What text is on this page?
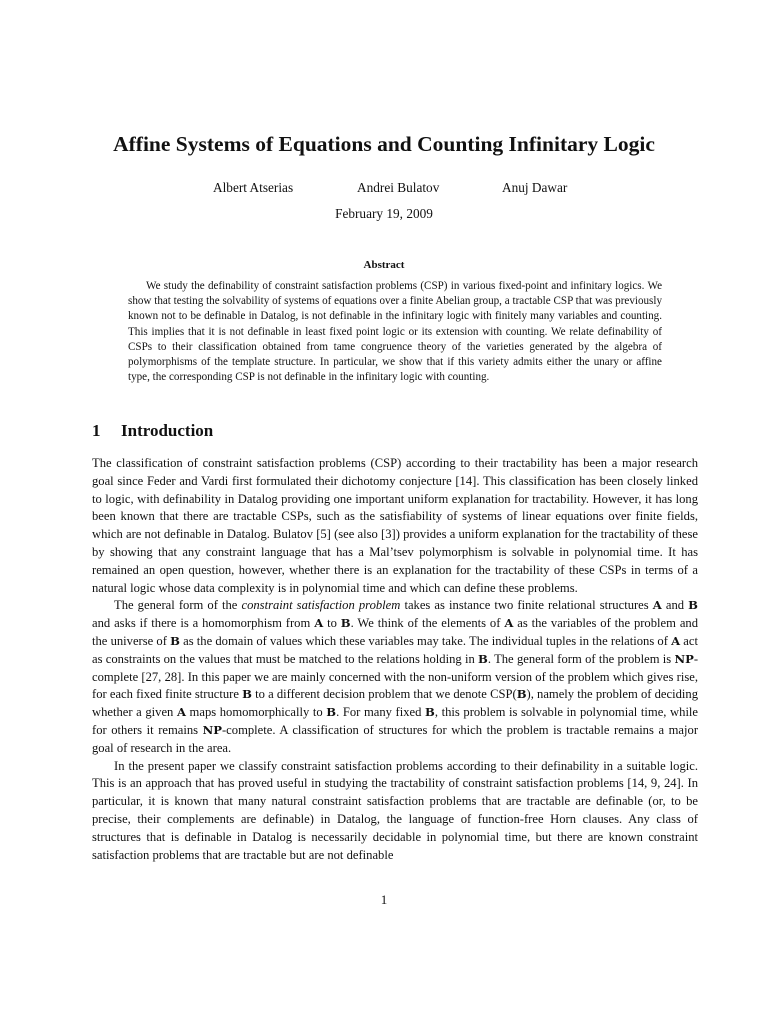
Affine Systems of Equations and Counting Infinitary Logic
Albert Atserias	Andrei Bulatov	Anuj Dawar
February 19, 2009
Abstract

We study the definability of constraint satisfaction problems (CSP) in various fixed-point and infinitary logics. We show that testing the solvability of systems of equations over a finite Abelian group, a tractable CSP that was previously known not to be definable in Datalog, is not definable in the infinitary logic with finitely many variables and counting. This implies that it is not definable in least fixed point logic or its extension with counting. We relate definability of CSPs to their classification obtained from tame congruence theory of the varieties generated by the algebra of polymorphisms of the template structure. In particular, we show that if this variety admits either the unary or affine type, the corresponding CSP is not definable in the infinitary logic with counting.

1 Introduction

The classification of constraint satisfaction problems (CSP) according to their tractability has been a major research goal since Feder and Vardi first formulated their dichotomy conjecture [14]. This classification has been closely linked to logic, with definability in Datalog providing one important uniform explanation for tractability. However, it has long been known that there are tractable CSPs, such as the satisfiability of systems of linear equations over finite fields, which are not definable in Datalog. Bulatov [5] (see also [3]) provides a uniform explanation for the tractability of these by showing that any constraint language that has a Mal’tsev polymorphism is solvable in polynomial time. It has remained an open question, however, whether there is an explanation for the tractability of these CSPs in terms of a natural logic whose data complexity is in polynomial time and which can define these problems.

The general form of the constraint satisfaction problem takes as instance two finite relational structures A and B and asks if there is a homomorphism from A to B. We think of the elements of A as the variables of the problem and the universe of B as the domain of values which these variables may take. The individual tuples in the relations of A act as constraints on the values that must be matched to the relations holding in B. The general form of the problem is NP-complete [27, 28]. In this paper we are mainly concerned with the non-uniform version of the problem which gives rise, for each fixed finite structure B to a different decision problem that we denote CSP(B), namely the problem of deciding whether a given A maps homomorphically to B. For many fixed B, this problem is solvable in polynomial time, while for others it remains NP-complete. A classification of structures for which the problem is tractable remains a major goal of research in the area.

In the present paper we classify constraint satisfaction problems according to their definability in a suitable logic. This is an approach that has proved useful in studying the tractability of constraint satisfaction problems [14, 9, 24]. In particular, it is known that many natural constraint satisfaction problems that are tractable are definable (or, to be precise, their complements are definable) in Datalog, the language of function-free Horn clauses. Any class of structures that is definable in Datalog is necessarily decidable in polynomial time, but there are known constraint satisfaction problems that are tractable but are not definable

1
